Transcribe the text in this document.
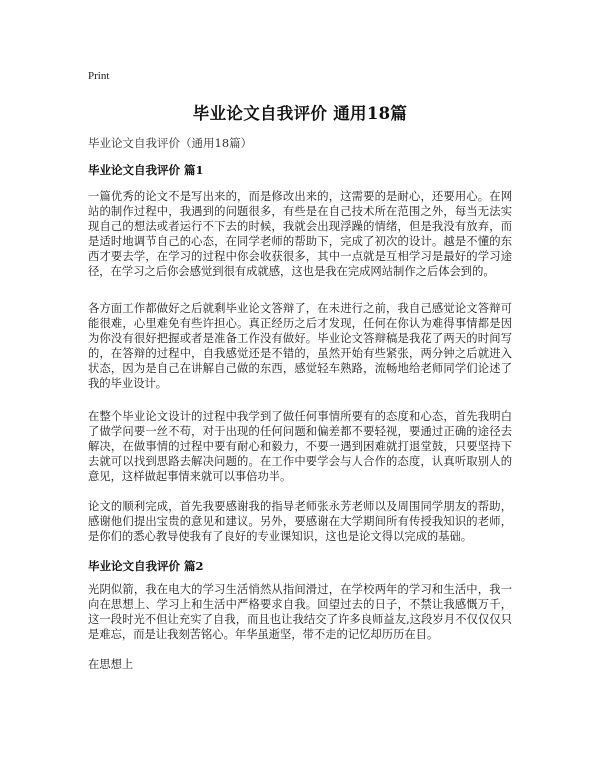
Print
毕业论文自我评价 通用18篇
毕业论文自我评价（通用18篇）
毕业论文自我评价 篇1

一篇优秀的论文不是写出来的，而是修改出来的，这需要的是耐心，还要用心。在网站的制作过程中，我遇到的问题很多，有些是在自己技术所在范围之外，每当无法实现自己的想法或者运行不下去的时候，我就会出现浮躁的情绪，但是我没有放弃，而是适时地调节自己的心态，在同学老师的帮助下，完成了初次的设计。越是不懂的东西才要去学，在学习的过程中你会收获很多，其中一点就是互相学习是最好的学习途径，在学习之后你会感觉到很有成就感，这也是我在完成网站制作之后体会到的。

各方面工作都做好之后就剩毕业论文答辩了，在未进行之前，我自己感觉论文答辩可能很难，心里难免有些许担心。真正经历之后才发现，任何在你认为难得事情都是因为你没有很好把握或者是准备工作没有做好。毕业论文答辩稿是我花了两天的时间写的，在答辩的过程中，自我感觉还是不错的，虽然开始有些紧张，两分钟之后就进入状态，因为是自己在讲解自己做的东西，感觉轻车熟路，流畅地给老师同学们论述了我的毕业设计。

在整个毕业论文设计的过程中我学到了做任何事情所要有的态度和心态，首先我明白了做学问要一丝不苟，对于出现的任何问题和偏差都不要轻视，要通过正确的途径去解决，在做事情的过程中要有耐心和毅力，不要一遇到困难就打退堂鼓，只要坚持下去就可以找到思路去解决问题的。在工作中要学会与人合作的态度，认真听取别人的意见，这样做起事情来就可以事倍功半。

论文的顺利完成，首先我要感谢我的指导老师张永芳老师以及周围同学朋友的帮助，感谢他们提出宝贵的意见和建议。另外，要感谢在大学期间所有传授我知识的老师，是你们的悉心教导使我有了良好的专业课知识，这也是论文得以完成的基础。

毕业论文自我评价 篇2

光阴似箭，我在电大的学习生活悄然从指间滑过，在学校两年的学习和生活中，我一向在思想上、学习上和生活中严格要求自我。回望过去的日子，不禁让我感慨万千，这一段时光不但让充实了自我，而且也让我结交了许多良师益友,这段岁月不仅仅仅只是难忘，而是让我刻苦铭心。年华虽逝坚，带不走的记忆却历历在目。

在思想上
